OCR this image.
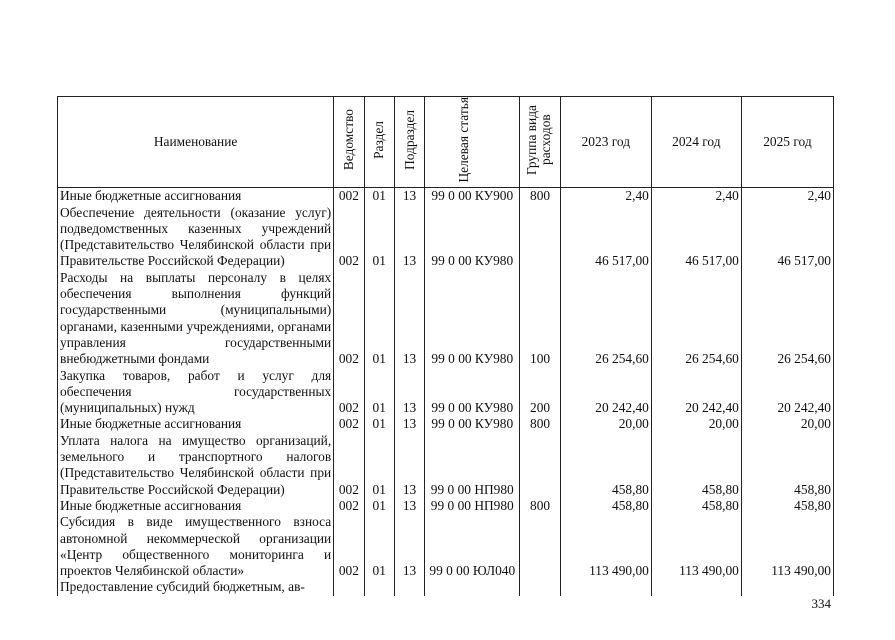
Наименование	Ведомство	Раздел	Подраздел	Целевая статья	Группа вида расходов	2023 год	2024 год	2025 год
Иные бюджетные ассигнования	002	01	13	99 0 00 КУ900	800	2,40	2,40	2,40
Обеспечение деятельности (оказание услуг) подведомственных казенных учреждений (Представительство Челябинской области при Правительстве Российской Федерации)	002	01	13	99 0 00 КУ980		46 517,00	46 517,00	46 517,00
Расходы на выплаты персоналу в целях обеспечения выполнения функций государственными (муниципальными) органами, казенными учреждениями, органами управления государственными внебюджетными фондами	002	01	13	99 0 00 КУ980	100	26 254,60	26 254,60	26 254,60
Закупка товаров, работ и услуг для обеспечения государственных (муниципальных) нужд	002	01	13	99 0 00 КУ980	200	20 242,40	20 242,40	20 242,40
Иные бюджетные ассигнования	002	01	13	99 0 00 КУ980	800	20,00	20,00	20,00
Уплата налога на имущество организаций, земельного и транспортного налогов (Представительство Челябинской области при Правительстве Российской Федерации)	002	01	13	99 0 00 НП980		458,80	458,80	458,80
Иные бюджетные ассигнования	002	01	13	99 0 00 НП980	800	458,80	458,80	458,80
Субсидия в виде имущественного взноса автономной некоммерческой организации «Центр общественного мониторинга и проектов Челябинской области»	002	01	13	99 0 00 ЮЛ040		113 490,00	113 490,00	113 490,00
Предоставление субсидий бюджетным, ав-								
334
